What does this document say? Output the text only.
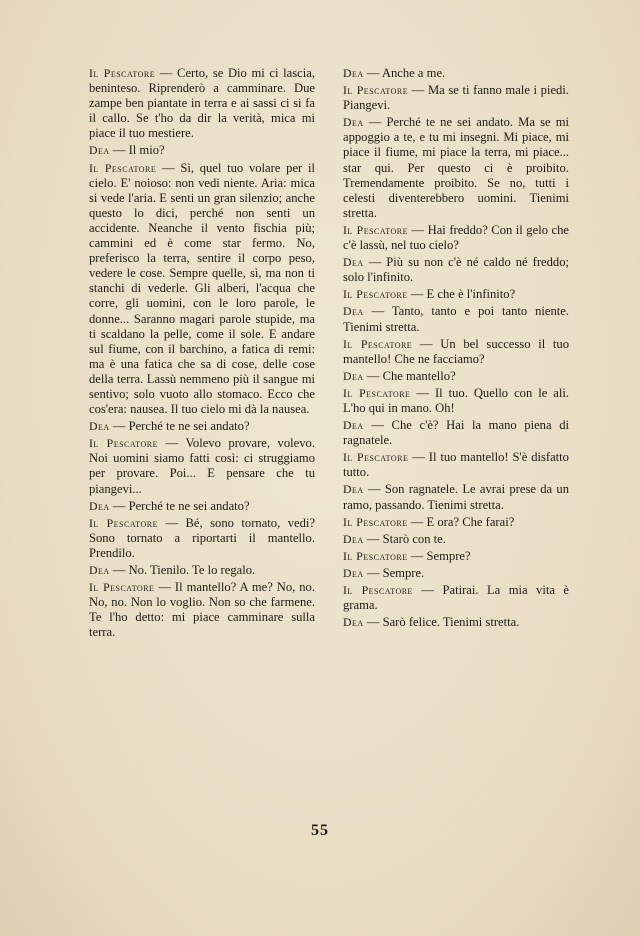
Il Pescatore — Certo, se Dio mi ci lascia, beninteso. Riprenderò a camminare. Due zampe ben piantate in terra e ai sassi ci si fa il callo. Se t'ho da dir la verità, mica mi piace il tuo mestiere.

Dea — Il mio?

Il Pescatore — Sì, quel tuo volare per il cielo. E' noioso: non vedi niente. Aria: mica si vede l'aria. E senti un gran silenzio; anche questo lo dici, perché non senti un accidente. Neanche il vento fischia più; cammini ed è come star fermo. No, preferisco la terra, sentire il corpo peso, vedere le cose. Sempre quelle, sì, ma non ti stanchi di vederle. Gli alberi, l'acqua che corre, gli uomini, con le loro parole, le donne... Saranno magari parole stupide, ma ti scaldano la pelle, come il sole. E andare sul fiume, con il barchino, a fatica di remi: ma è una fatica che sa di cose, delle cose della terra. Lassù nemmeno più il sangue mi sentivo; solo vuoto allo stomaco. Ecco che cos'era: nausea. Il tuo cielo mi dà la nausea.

Dea — Perché te ne sei andato?

Il Pescatore — Volevo provare, volevo. Noi uomini siamo fatti così: ci struggiamo per provare. Poi... E pensare che tu piangevi...

Dea — Perché te ne sei andato?

Il Pescatore — Bé, sono tornato, vedi? Sono tornato a riportarti il mantello. Prendilo.

Dea — No. Tienilo. Te lo regalo.

Il Pescatore — Il mantello? A me? No, no. No, no. Non lo voglio. Non so che farmene. Te l'ho detto: mi piace camminare sulla terra.

Dea — Anche a me.

Il Pescatore — Ma se ti fanno male i piedi. Piangevi.

Dea — Perché te ne sei andato. Ma se mi appoggio a te, e tu mi insegni. Mi piace, mi piace il fiume, mi piace la terra, mi piace... star qui. Per questo ci è proibito. Tremendamente proibito. Se no, tutti i celesti diventerebbero uomini. Tienimi stretta.

Il Pescatore — Hai freddo? Con il gelo che c'è lassù, nel tuo cielo?

Dea — Più su non c'è né caldo né freddo; solo l'infinito.

Il Pescatore — E che è l'infinito?

Dea — Tanto, tanto e poi tanto niente. Tienimi stretta.

Il Pescatore — Un bel successo il tuo mantello! Che ne facciamo?

Dea — Che mantello?

Il Pescatore — Il tuo. Quello con le ali. L'ho qui in mano. Oh!

Dea — Che c'è? Hai la mano piena di ragnatele.

Il Pescatore — Il tuo mantello! S'è disfatto tutto.

Dea — Son ragnatele. Le avrai prese da un ramo, passando. Tienimi stretta.

Il Pescatore — E ora? Che farai?

Dea — Starò con te.

Il Pescatore — Sempre?

Dea — Sempre.

Il Pescatore — Patirai. La mia vita è grama.

Dea — Sarò felice. Tienimi stretta.

55
